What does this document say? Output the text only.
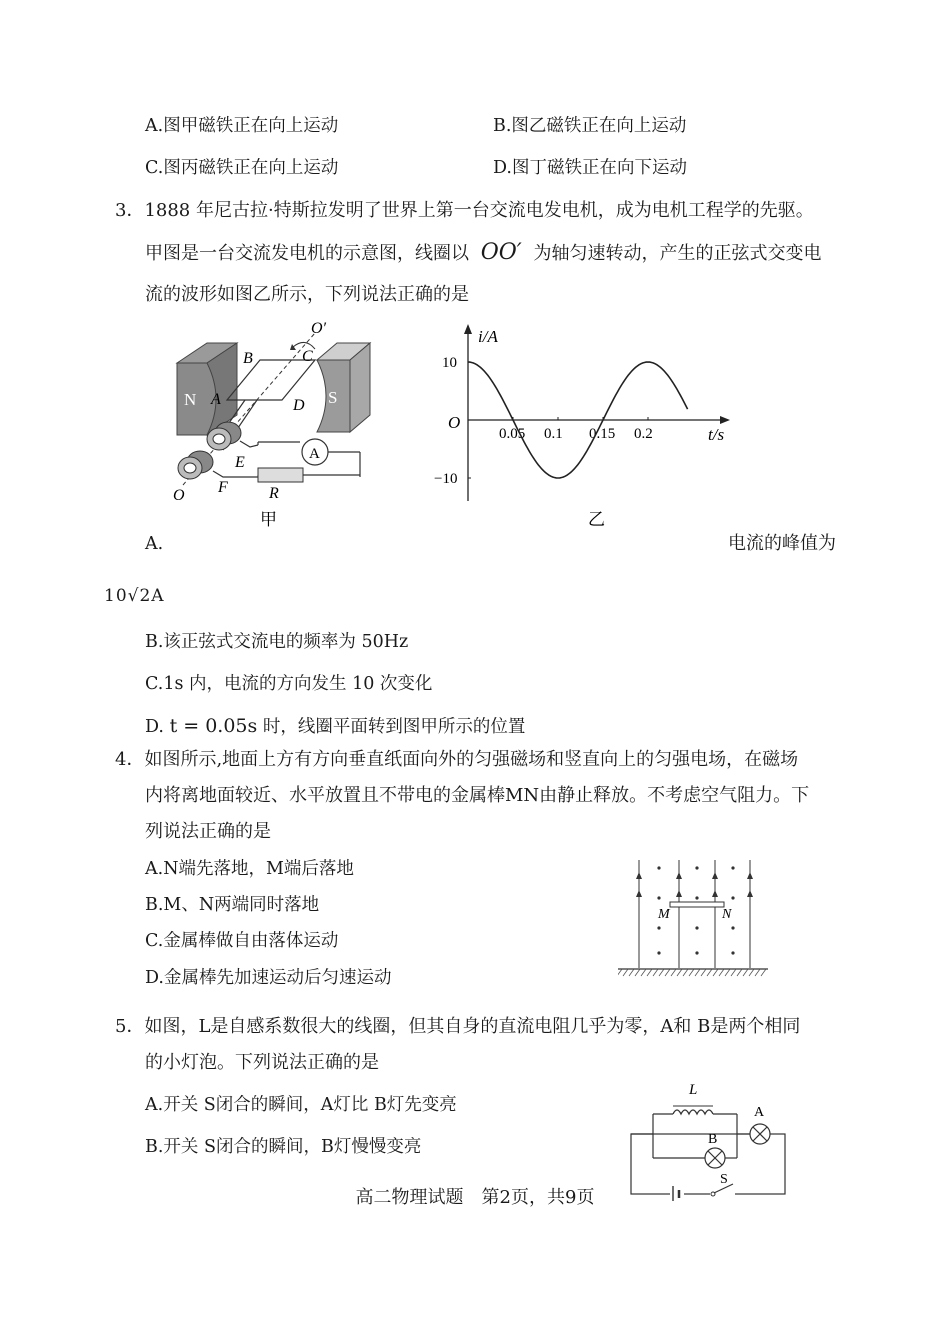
A.图甲磁铁正在向上运动	B.图乙磁铁正在向上运动
C.图丙磁铁正在向上运动	D.图丁磁铁正在向下运动
3．1888 年尼古拉·特斯拉发明了世界上第一台交流电发电机，成为电机工程学的先驱。
甲图是一台交流发电机的示意图，线圈以 OO′ 为轴匀速转动，产生的正弦式交变电
流的波形如图乙所示，下列说法正确的是
N	S
O′
C
B
A	D
A
E
F	R
O
甲
0.05 0.1 0.15 0.2
10
−10
i/A
t/s
O
乙
A.	电流的峰值为
10√2A
B.该正弦式交流电的频率为 50Hz
C.1s 内，电流的方向发生 10 次变化
D. t = 0.05s 时，线圈平面转到图甲所示的位置
4．如图所示,地面上方有方向垂直纸面向外的匀强磁场和竖直向上的匀强电场，在磁场
内将离地面较近、水平放置且不带电的金属棒MN由静止释放。不考虑空气阻力。下
列说法正确的是
A.N端先落地，M端后落地
B.M、N两端同时落地
C.金属棒做自由落体运动
D.金属棒先加速运动后匀速运动
M	N
5．如图，L是自感系数很大的线圈，但其自身的直流电阻几乎为零，A和 B是两个相同
的小灯泡。下列说法正确的是
A.开关 S闭合的瞬间，A灯比 B灯先变亮
B.开关 S闭合的瞬间，B灯慢慢变亮
L
A
B
S
高二物理试题　第2页，共9页
